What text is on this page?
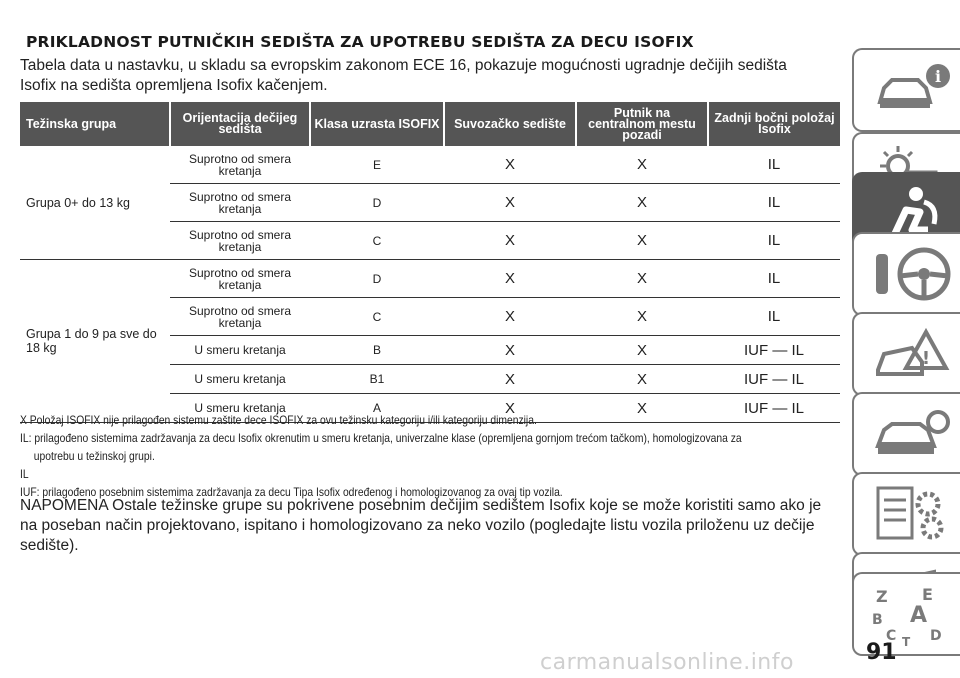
PRIKLADNOST PUTNIČKIH SEDIŠTA ZA UPOTREBU SEDIŠTA ZA DECU ISOFIX
Tabela data u nastavku, u skladu sa evropskim zakonom ECE 16, pokazuje mogućnosti ugradnje dečijih sedišta Isofix na sedišta opremljena Isofix kačenjem.
Težinska grupa	Orijentacija dečijeg sedišta	Klasa uzrasta ISOFIX	Suvozačko sedište	Putnik na centralnom mestu pozadi	Zadnji bočni položaj Isofix
Grupa 0+ do 13 kg	Suprotno od smera kretanja	E	X	X	IL
	Suprotno od smera kretanja	D	X	X	IL
	Suprotno od smera kretanja	C	X	X	IL
Grupa 1 do 9 pa sve do 18 kg	Suprotno od smera kretanja	D	X	X	IL
	Suprotno od smera kretanja	C	X	X	IL
	U smeru kretanja	B	X	X	IUF — IL
	U smeru kretanja	B1	X	X	IUF — IL
	U smeru kretanja	A	X	X	IUF — IL
X Položaj ISOFIX nije prilagođen sistemu zaštite dece ISOFIX za ovu težinsku kategoriju i/ili kategoriju dimenzija.
IL: prilagođeno sistemima zadržavanja za decu Isofix okrenutim u smeru kretanja, univerzalne klase (opremljena gornjom trećom tačkom), homologizovana za
upotrebu u težinskoj grupi.
IL
IUF: prilagođeno posebnim sistemima zadržavanja za decu Tipa Isofix određenog i homologizovanog za ovaj tip vozila.
NAPOMENA Ostale težinske grupe su pokrivene posebnim dečijim sedištem Isofix koje se može koristiti samo ako je na poseban način projektovano, ispitano i homologizovano za neko vozilo (pogledajte listu vozila priloženu uz dečije sedište).
i
!
Z E
B A
C D
T
91
carmanualsonline.info
